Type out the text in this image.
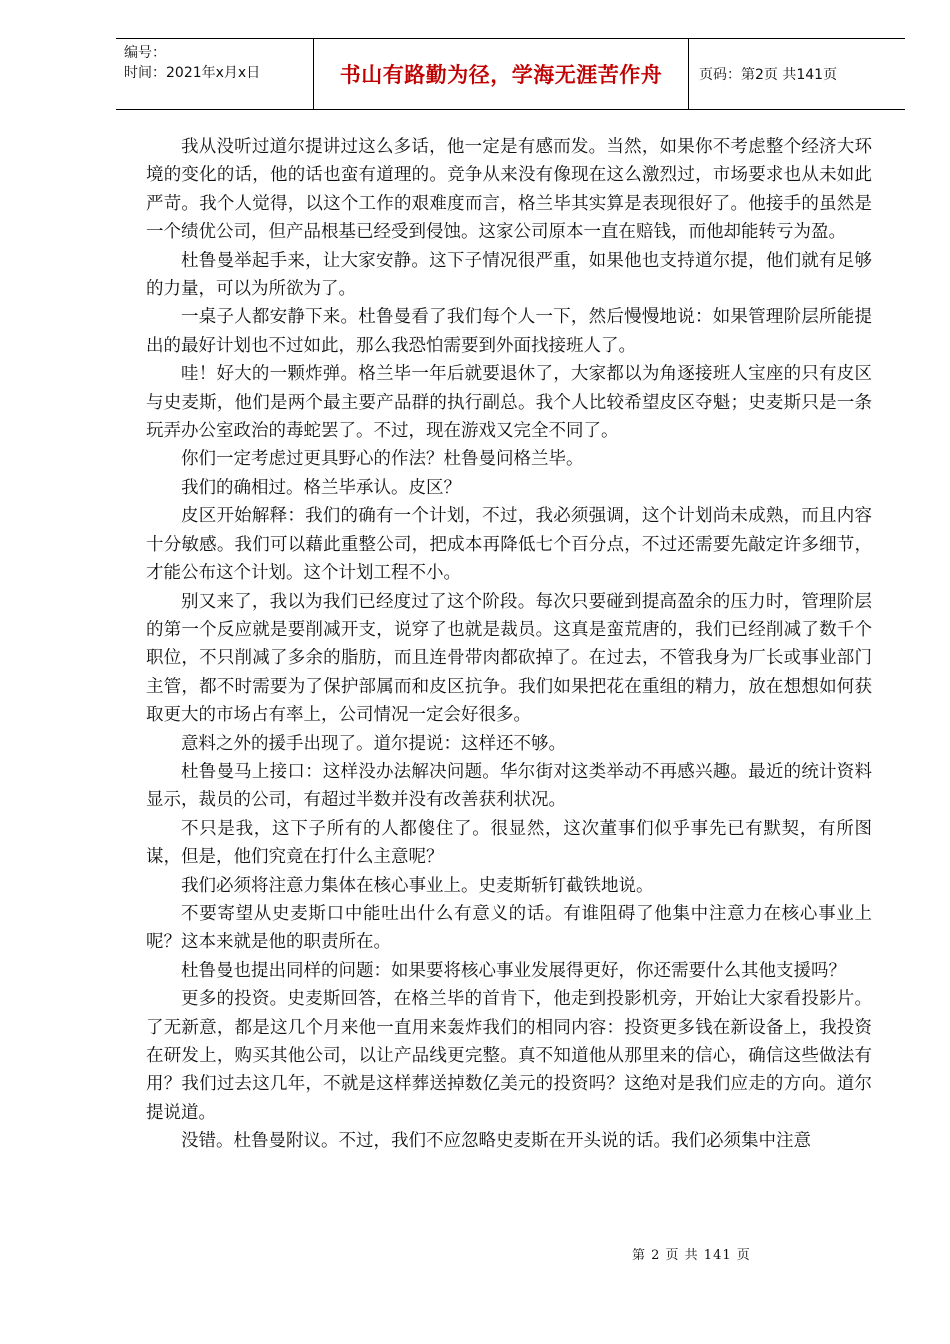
编号：
时间：2021年x月x日	书山有路勤为径，学海无涯苦作舟	页码：第2页 共141页

我从没听过道尔提讲过这么多话，他一定是有感而发。当然，如果你不考虑整个经济大环境的变化的话，他的话也蛮有道理的。竞争从来没有像现在这么激烈过，市场要求也从未如此严苛。我个人觉得，以这个工作的艰难度而言，格兰毕其实算是表现很好了。他接手的虽然是一个绩优公司，但产品根基已经受到侵蚀。这家公司原本一直在赔钱，而他却能转亏为盈。

杜鲁曼举起手来，让大家安静。这下子情况很严重，如果他也支持道尔提，他们就有足够的力量，可以为所欲为了。

一桌子人都安静下来。杜鲁曼看了我们每个人一下，然后慢慢地说：如果管理阶层所能提出的最好计划也不过如此，那么我恐怕需要到外面找接班人了。

哇！好大的一颗炸弹。格兰毕一年后就要退休了，大家都以为角逐接班人宝座的只有皮区与史麦斯，他们是两个最主要产品群的执行副总。我个人比较希望皮区夺魁；史麦斯只是一条玩弄办公室政治的毒蛇罢了。不过，现在游戏又完全不同了。

你们一定考虑过更具野心的作法？杜鲁曼问格兰毕。

我们的确相过。格兰毕承认。皮区？

皮区开始解释：我们的确有一个计划，不过，我必须强调，这个计划尚未成熟，而且内容十分敏感。我们可以藉此重整公司，把成本再降低七个百分点，不过还需要先敲定许多细节，才能公布这个计划。这个计划工程不小。

别又来了，我以为我们已经度过了这个阶段。每次只要碰到提高盈余的压力时，管理阶层的第一个反应就是要削减开支，说穿了也就是裁员。这真是蛮荒唐的，我们已经削减了数千个职位，不只削减了多余的脂肪，而且连骨带肉都砍掉了。在过去，不管我身为厂长或事业部门主管，都不时需要为了保护部属而和皮区抗争。我们如果把花在重组的精力，放在想想如何获取更大的市场占有率上，公司情况一定会好很多。

意料之外的援手出现了。道尔提说：这样还不够。

杜鲁曼马上接口：这样没办法解决问题。华尔街对这类举动不再感兴趣。最近的统计资料显示，裁员的公司，有超过半数并没有改善获利状况。

不只是我，这下子所有的人都傻住了。很显然，这次董事们似乎事先已有默契，有所图谋，但是，他们究竟在打什么主意呢？

我们必须将注意力集体在核心事业上。史麦斯斩钉截铁地说。

不要寄望从史麦斯口中能吐出什么有意义的话。有谁阻碍了他集中注意力在核心事业上呢？这本来就是他的职责所在。

杜鲁曼也提出同样的问题：如果要将核心事业发展得更好，你还需要什么其他支援吗？

更多的投资。史麦斯回答，在格兰毕的首肯下，他走到投影机旁，开始让大家看投影片。了无新意，都是这几个月来他一直用来轰炸我们的相同内容：投资更多钱在新设备上，我投资在研发上，购买其他公司，以让产品线更完整。真不知道他从那里来的信心，确信这些做法有用？我们过去这几年，不就是这样葬送掉数亿美元的投资吗？这绝对是我们应走的方向。道尔提说道。

没错。杜鲁曼附议。不过，我们不应忽略史麦斯在开头说的话。我们必须集中注意

第 2 页 共 141 页
